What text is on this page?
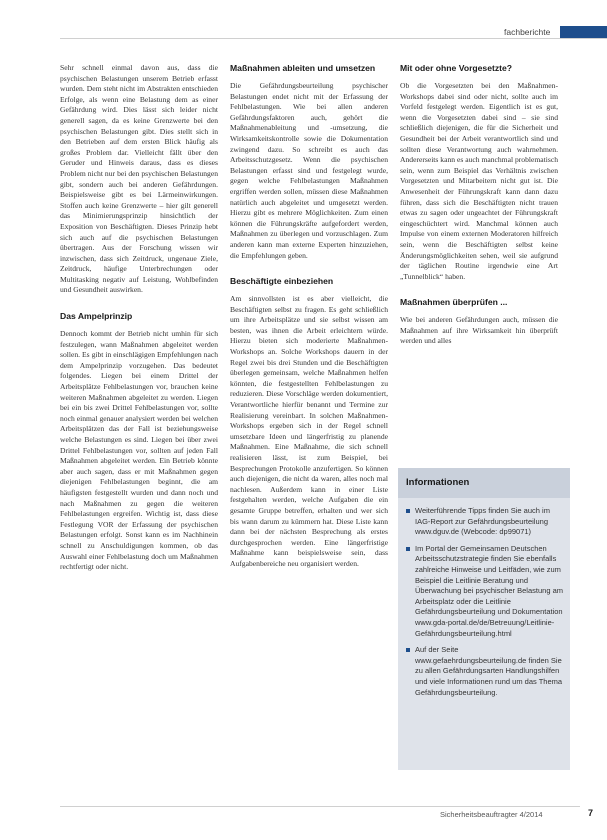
fachberichte

Sehr schnell einmal davon aus, dass die psychischen Belastungen unserem Betrieb erfasst wurden. Dem steht nicht im Abstrakten entschieden Erfolge, als wenn eine Belastung dem as einer Gefährdung wird. Dies lässt sich leider nicht generell sagen, da es keine Grenzwerte bei den psychischen Belastungen gibt. Dies stellt sich in den Betrieben auf dem ersten Blick häufig als großes Problem dar. Vielleicht fällt über den Geruder und Hinweis daraus, dass es dieses Problem nicht nur bei den psychischen Belastungen gibt, sondern auch bei anderen Gefährdungen. Beispielsweise gibt es bei Lärmeinwirkungen. Stoffen auch keine Grenzwerte – hier gilt generell das Minimierungsprinzip hinsichtlich der Exposition von Beschäftigten. Dieses Prinzip hebt sich auch auf die psychischen Belastungen übertragen. Aus der Forschung wissen wir inzwischen, dass sich Zeitdruck, ungenaue Ziele, Zeitdruck, häufige Unterbrechungen oder Multitasking negativ auf Leistung, Wohlbefinden und Gesundheit auswirken.

Das Ampelprinzip

Dennoch kommt der Betrieb nicht umhin für sich festzulegen, wann Maßnahmen abgeleitet werden sollen. Es gibt in einschlägigen Empfehlungen nach dem Ampelprinzip vorzugehen. Das bedeutet folgendes. Liegen bei einem Drittel der Arbeitsplätze Fehlbelastungen vor, brauchen keine weiteren Maßnahmen abgeleitet zu werden. Liegen bei ein bis zwei Drittel Fehlbelastungen vor, sollte noch einmal genauer analysiert werden bei welchen Arbeitsplätzen das der Fall ist beziehungsweise welche Belastungen es sind. Liegen bei über zwei Drittel Fehlbelastungen vor, sollten auf jeden Fall Maßnahmen abgeleitet werden. Ein Betrieb könnte aber auch sagen, dass er mit Maßnahmen gegen diejenigen Fehlbelastungen beginnt, die am häufigsten festgestellt wurden und dann noch und nach Maßnahmen zu gegen die weiteren Fehlbelastungen ergreifen. Wichtig ist, dass diese Festlegung VOR der Erfassung der psychischen Belastungen erfolgt. Sonst kann es im Nachhinein schnell zu Anschuldigungen kommen, ob das Auswahl einer Fehlbelastung doch um Maßnahmen rechtfertigt oder nicht.

Maßnahmen ableiten und umsetzen

Die Gefährdungsbeurteilung psychischer Belastungen endet nicht mit der Erfassung der Fehlbelastungen. Wie bei allen anderen Gefährdungsfaktoren auch, gehört die Maßnahmenableitung und -umsetzung, die Wirksamkeitskontrolle sowie die Dokumentation zwingend dazu. So schreibt es auch das Arbeitsschutzgesetz. Wenn die psychischen Belastungen erfasst sind und festgelegt wurde, gegen welche Fehlbelastungen Maßnahmen ergriffen werden sollen, müssen diese Maßnahmen natürlich auch abgeleitet und umgesetzt werden. Hierzu gibt es mehrere Möglichkeiten. Zum einen können die Führungskräfte aufgefordert werden, Maßnahmen zu überlegen und vorzuschlagen. Zum anderen kann man externe Experten hinzuziehen, die Empfehlungen geben.

Beschäftigte einbeziehen

Am sinnvollsten ist es aber vielleicht, die Beschäftigten selbst zu fragen. Es geht schließlich um ihre Arbeitsplätze und sie selbst wissen am besten, was ihnen die Arbeit erleichtern würde. Hierzu bieten sich moderierte Maßnahmen-Workshops an. Solche Workshops dauern in der Regel zwei bis drei Stunden und die Beschäftigten überlegen gemeinsam, welche Maßnahmen helfen könnten, die festgestellten Fehlbelastungen zu reduzieren. Diese Vorschläge werden dokumentiert, Verantwortliche hierfür benannt und Termine zur Realisierung vereinbart. In solchen Maßnahmen-Workshops ergeben sich in der Regel schnell umsetzbare Ideen und längerfristig zu planende Maßnahmen. Eine Maßnahme, die sich schnell realisieren lässt, ist zum Beispiel, bei Besprechungen Protokolle anzufertigen. So können auch diejenigen, die nicht da waren, alles noch mal nachlesen. Außerdem kann in einer Liste festgehalten werden, welche Aufgaben die ein gesamte Gruppe betreffen, erhalten und wer sich bis wann darum zu kümmern hat. Diese Liste kann dann bei der nächsten Besprechung als erstes durchgesprochen werden. Eine längerfristige Maßnahme kann beispielsweise sein, dass Aufgabenbereiche neu organisiert werden.

Mit oder ohne Vorgesetzte?

Ob die Vorgesetzten bei den Maßnahmen-Workshops dabei sind oder nicht, sollte auch im Vorfeld festgelegt werden. Eigentlich ist es gut, wenn die Vorgesetzten dabei sind – sie sind schließlich diejenigen, die für die Sicherheit und Gesundheit bei der Arbeit verantwortlich sind und sollten diese Verantwortung auch wahrnehmen. Andererseits kann es auch manchmal problematisch sein, wenn zum Beispiel das Verhältnis zwischen Vorgesetzten und Mitarbeitern nicht gut ist. Die Anwesenheit der Führungskraft kann dann dazu führen, dass sich die Beschäftigten nicht trauen etwas zu sagen oder ungeachtet der Führungskraft eingeschüchtert wird. Manchmal können auch Impulse von einem externen Moderatoren hilfreich sein, wenn die Beschäftigten selbst keine Änderungsmöglichkeiten sehen, weil sie aufgrund der täglichen Routine irgendwie eine Art „Tunnelblick“ haben.

Maßnahmen überprüfen ...

Wie bei anderen Gefährdungen auch, müssen die Maßnahmen auf ihre Wirksamkeit hin überprüft werden und alles

Informationen
Weiterführende Tipps finden Sie auch im IAG-Report zur Gefährdungsbeurteilung www.dguv.de (Webcode: dp99071)
Im Portal der Gemeinsamen Deutschen Arbeitsschutzstrategie finden Sie ebenfalls zahlreiche Hinweise und Leitfäden, wie zum Beispiel die Leitlinie Beratung und Überwachung bei psychischer Belastung am Arbeitsplatz oder die Leitlinie Gefährdungsbeurteilung und Dokumentation www.gda-portal.de/de/Betreuung/Leitlinie-Gefährdungsbeurteilung.html
Auf der Seite www.gefaehrdungsbeurteilung.de finden Sie zu allen Gefährdungsarten Handlungshilfen und viele Informationen rund um das Thema Gefährdungsbeurteilung.
Sicherheitsbeauftragter 4/2014	7
